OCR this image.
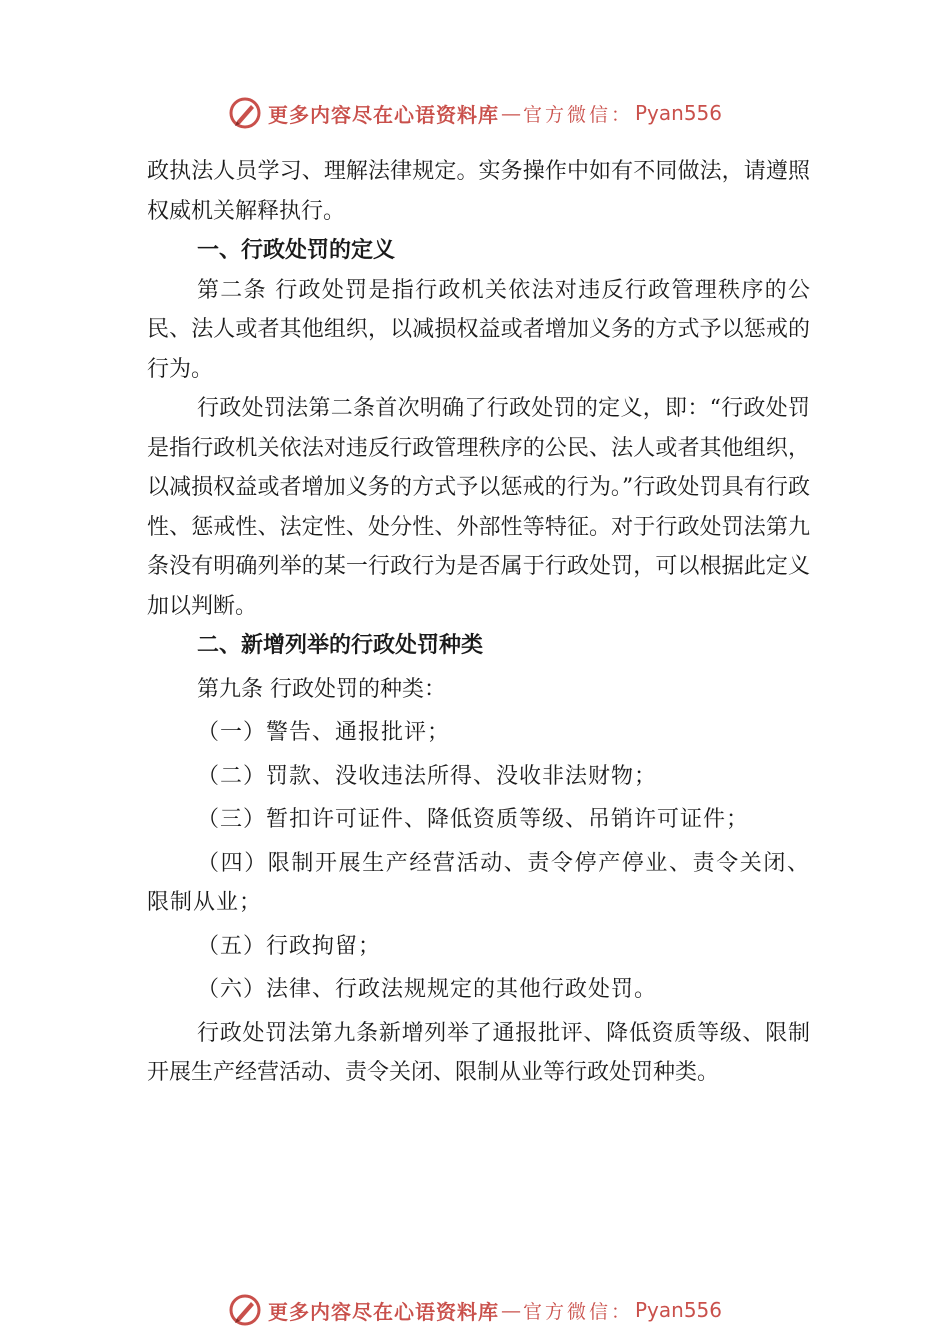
更多内容尽在心语资料库 — 官方微信： Pyan556

政执法人员学习、理解法律规定。实务操作中如有不同做法，请遵照权威机关解释执行。

一、行政处罚的定义

第二条 行政处罚是指行政机关依法对违反行政管理秩序的公民、法人或者其他组织，以减损权益或者增加义务的方式予以惩戒的行为。

行政处罚法第二条首次明确了行政处罚的定义，即：“行政处罚是指行政机关依法对违反行政管理秩序的公民、法人或者其他组织，以减损权益或者增加义务的方式予以惩戒的行为。”行政处罚具有行政性、惩戒性、法定性、处分性、外部性等特征。对于行政处罚法第九条没有明确列举的某一行政行为是否属于行政处罚，可以根据此定义加以判断。

二、新增列举的行政处罚种类

第九条 行政处罚的种类：

（一）警告、通报批评；

（二）罚款、没收违法所得、没收非法财物；

（三）暂扣许可证件、降低资质等级、吊销许可证件；

（四）限制开展生产经营活动、责令停产停业、责令关闭、限制从业；

（五）行政拘留；

（六）法律、行政法规规定的其他行政处罚。

行政处罚法第九条新增列举了通报批评、降低资质等级、限制开展生产经营活动、责令关闭、限制从业等行政处罚种类。

更多内容尽在心语资料库 — 官方微信： Pyan556
